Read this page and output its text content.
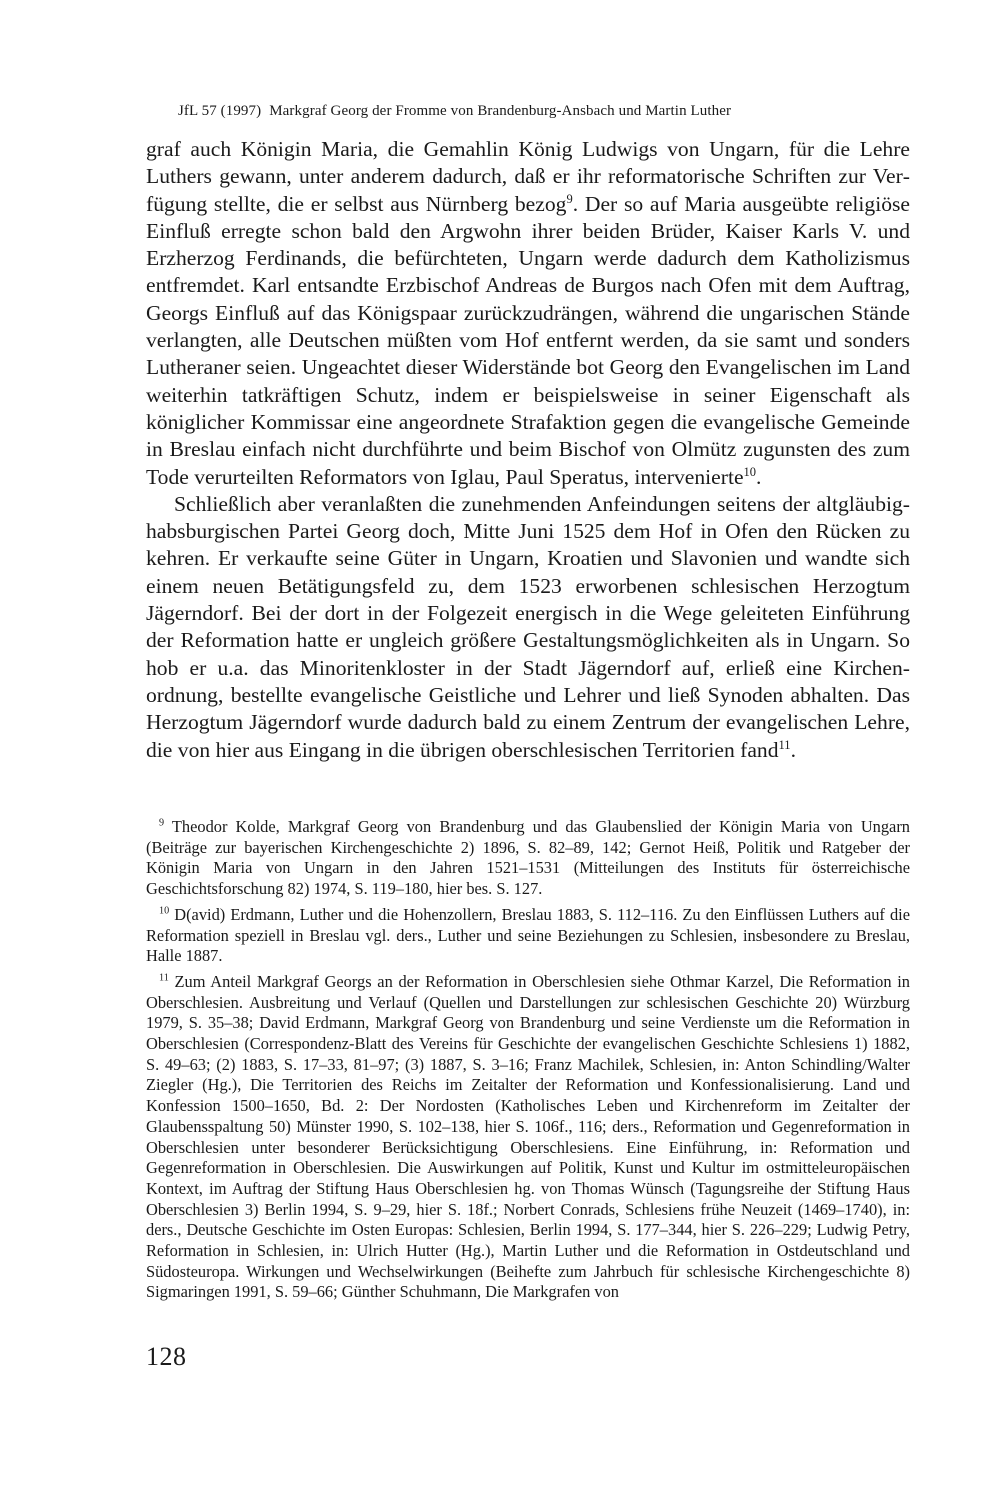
JfL 57 (1997) Markgraf Georg der Fromme von Brandenburg-Ansbach und Martin Luther

graf auch Königin Maria, die Gemahlin König Ludwigs von Ungarn, für die Lehre Luthers gewann, unter anderem dadurch, daß er ihr reformatorische Schriften zur Verfügung stellte, die er selbst aus Nürnberg bezog$^9$. Der so auf Maria ausgeübte religiöse Einfluß erregte schon bald den Argwohn ihrer beiden Brüder, Kaiser Karls V. und Erzherzog Ferdinands, die befürchteten, Ungarn werde dadurch dem Katholizismus entfremdet. Karl entsandte Erzbischof Andreas de Burgos nach Ofen mit dem Auftrag, Georgs Einfluß auf das Königspaar zurückzudrängen, während die ungarischen Stände verlangten, alle Deutschen müßten vom Hof entfernt werden, da sie samt und sonders Lutheraner seien. Ungeachtet dieser Widerstände bot Georg den Evangelischen im Land weiterhin tatkräftigen Schutz, indem er beispielsweise in seiner Eigenschaft als königlicher Kommissar eine angeordnete Strafaktion gegen die evangelische Gemeinde in Breslau einfach nicht durchführte und beim Bischof von Olmütz zugunsten des zum Tode verurteilten Reformators von Iglau, Paul Speratus, intervenierte$^{10}$.

Schließlich aber veranlaßten die zunehmenden Anfeindungen seitens der altgläubig-habsburgischen Partei Georg doch, Mitte Juni 1525 dem Hof in Ofen den Rücken zu kehren. Er verkaufte seine Güter in Ungarn, Kroatien und Slavonien und wandte sich einem neuen Betätigungsfeld zu, dem 1523 erworbenen schlesischen Herzogtum Jägerndorf. Bei der dort in der Folgezeit energisch in die Wege geleiteten Einführung der Reformation hatte er ungleich größere Gestaltungsmöglichkeiten als in Ungarn. So hob er u.a. das Minoritenkloster in der Stadt Jägerndorf auf, erließ eine Kirchenordnung, bestellte evangelische Geistliche und Lehrer und ließ Synoden abhalten. Das Herzogtum Jägerndorf wurde dadurch bald zu einem Zentrum der evangelischen Lehre, die von hier aus Eingang in die übrigen oberschlesischen Territorien fand$^{11}$.

$^9$ Theodor Kolde, Markgraf Georg von Brandenburg und das Glaubenslied der Königin Maria von Ungarn (Beiträge zur bayerischen Kirchengeschichte 2) 1896, S. 82–89, 142; Gernot Heiß, Politik und Ratgeber der Königin Maria von Ungarn in den Jahren 1521–1531 (Mitteilungen des Instituts für österreichische Geschichtsforschung 82) 1974, S. 119–180, hier bes. S. 127.

$^{10}$ D(avid) Erdmann, Luther und die Hohenzollern, Breslau 1883, S. 112–116. Zu den Einflüssen Luthers auf die Reformation speziell in Breslau vgl. ders., Luther und seine Beziehungen zu Schlesien, insbesondere zu Breslau, Halle 1887.

$^{11}$ Zum Anteil Markgraf Georgs an der Reformation in Oberschlesien siehe Othmar Karzel, Die Reformation in Oberschlesien. Ausbreitung und Verlauf (Quellen und Darstellungen zur schlesischen Geschichte 20) Würzburg 1979, S. 35–38; David Erdmann, Markgraf Georg von Brandenburg und seine Verdienste um die Reformation in Oberschlesien (Correspondenz-Blatt des Vereins für Geschichte der evangelischen Geschichte Schlesiens 1) 1882, S. 49–63; (2) 1883, S. 17–33, 81–97; (3) 1887, S. 3–16; Franz Machilek, Schlesien, in: Anton Schindling/Walter Ziegler (Hg.), Die Territorien des Reichs im Zeitalter der Reformation und Konfessionalisierung. Land und Konfession 1500–1650, Bd. 2: Der Nordosten (Katholisches Leben und Kirchenreform im Zeitalter der Glaubensspaltung 50) Münster 1990, S. 102–138, hier S. 106f., 116; ders., Reformation und Gegenreformation in Oberschlesien unter besonderer Berücksichtigung Oberschlesiens. Eine Einführung, in: Reformation und Gegenreformation in Oberschlesien. Die Auswirkungen auf Politik, Kunst und Kultur im ostmitteleuropäischen Kontext, im Auftrag der Stiftung Haus Oberschlesien hg. von Thomas Wünsch (Tagungsreihe der Stiftung Haus Oberschlesien 3) Berlin 1994, S. 9–29, hier S. 18f.; Norbert Conrads, Schlesiens frühe Neuzeit (1469–1740), in: ders., Deutsche Geschichte im Osten Europas: Schlesien, Berlin 1994, S. 177–344, hier S. 226–229; Ludwig Petry, Reformation in Schlesien, in: Ulrich Hutter (Hg.), Martin Luther und die Reformation in Ostdeutschland und Südosteuropa. Wirkungen und Wechselwirkungen (Beihefte zum Jahrbuch für schlesische Kirchengeschichte 8) Sigmaringen 1991, S. 59–66; Günther Schuhmann, Die Markgrafen von

128
